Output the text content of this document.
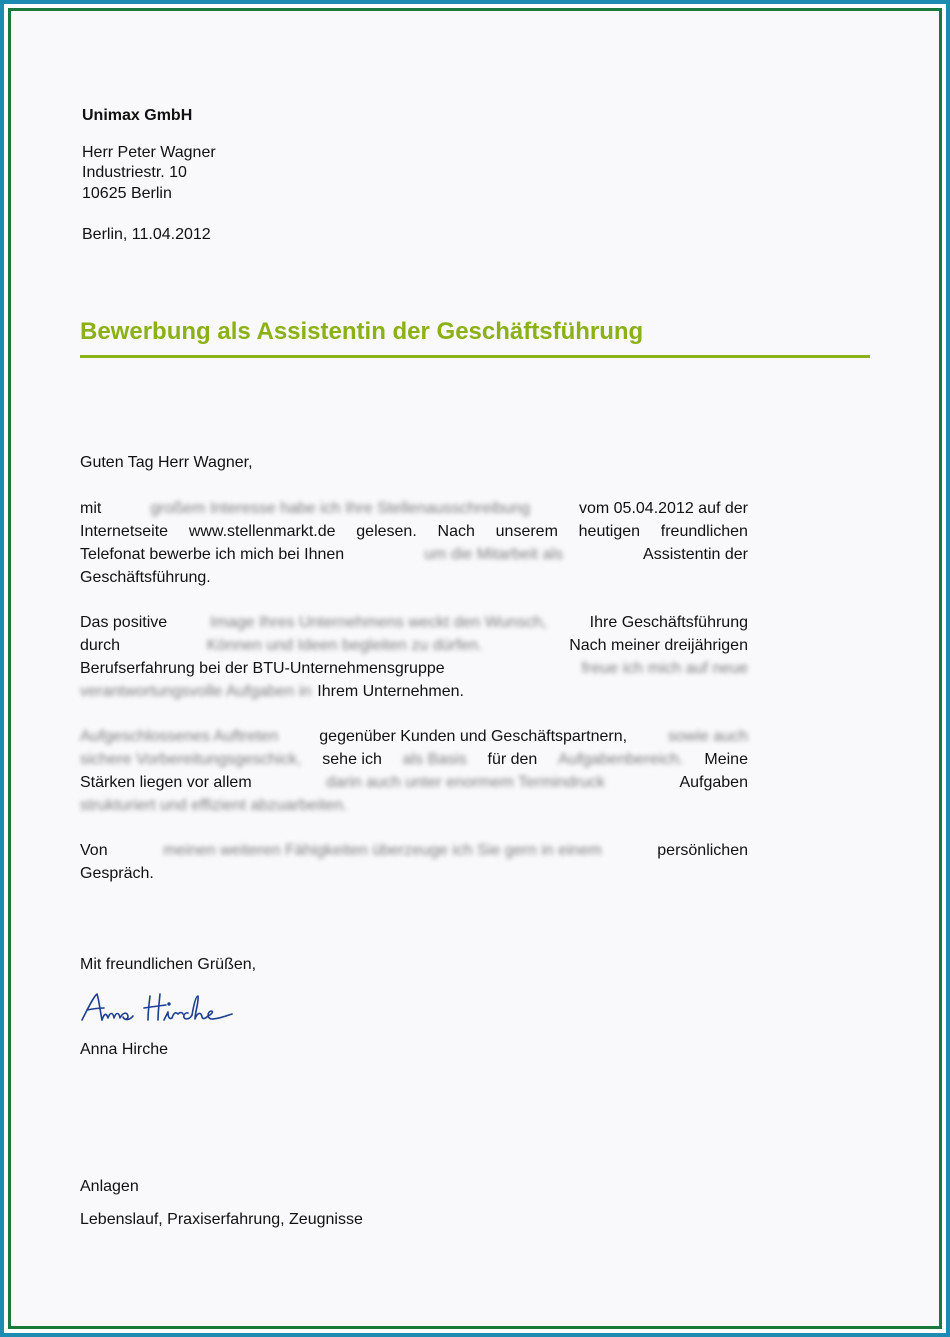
Unimax GmbH
Herr Peter Wagner
Industriestr. 10
10625 Berlin
Berlin, 11.04.2012
Bewerbung als Assistentin der Geschäftsführung
Guten Tag Herr Wagner,
mit	großem Interesse habe ich Ihre Stellenausschreibung	vom 05.04.2012 auf der
Internetseite www.stellenmarkt.de gelesen. Nach unserem heutigen freundlichen
Telefonat bewerbe ich mich bei Ihnen	um die Mitarbeit als	Assistentin der
Geschäftsführung.
Das positive	Image Ihres Unternehmens weckt den Wunsch,	Ihre Geschäftsführung
durch	Können und Ideen begleiten zu dürfen.	Nach meiner dreijährigen
Berufserfahrung bei der BTU-Unternehmensgruppe	freue ich mich auf neue
verantwortungsvolle Aufgaben in Ihrem Unternehmen.
Aufgeschlossenes Auftreten	gegenüber Kunden und Geschäftspartnern,	sowie auch
sichere Vorbereitungsgeschick, sehe ich als Basis für den Aufgabenbereich. Meine
Stärken liegen vor allem	darin auch unter enormem Termindruck	Aufgaben
strukturiert und effizient abzuarbeiten.
Von	meinen weiteren Fähigkeiten überzeuge ich Sie gern in einem	persönlichen
Gespräch.
Mit freundlichen Grüßen,
Anna Hirche
Anlagen
Lebenslauf, Praxiserfahrung, Zeugnisse
